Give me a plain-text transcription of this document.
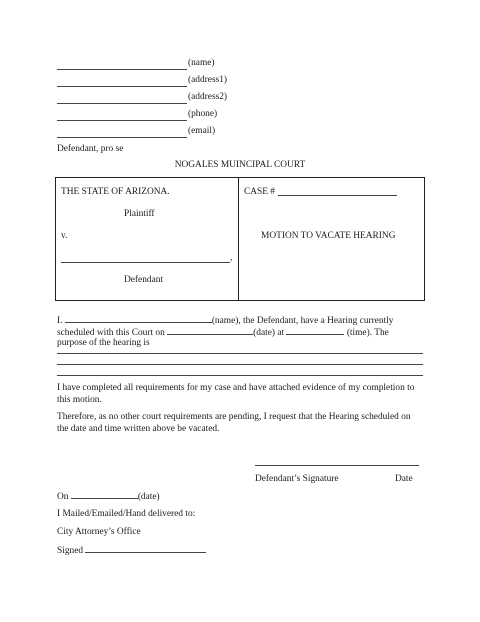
(name)
(address1)
(address2)
(phone)
(email)
Defendant, pro se
NOGALES MUINCIPAL COURT
THE STATE OF ARIZONA.
Plaintiff
v.
,
Defendant
CASE #
MOTION TO VACATE HEARING
I.	(name), the Defendant, have a Hearing currently
scheduled with this Court on	(date) at	(time). The
purpose of the hearing is
I have completed all requirements for my case and have attached evidence of my completion to this motion.
Therefore, as no other court requirements are pending, I request that the Hearing scheduled on the date and time written above be vacated.
Defendant’s Signature	Date
On	(date)
I Mailed/Emailed/Hand delivered to:
City Attorney’s Office
Signed
